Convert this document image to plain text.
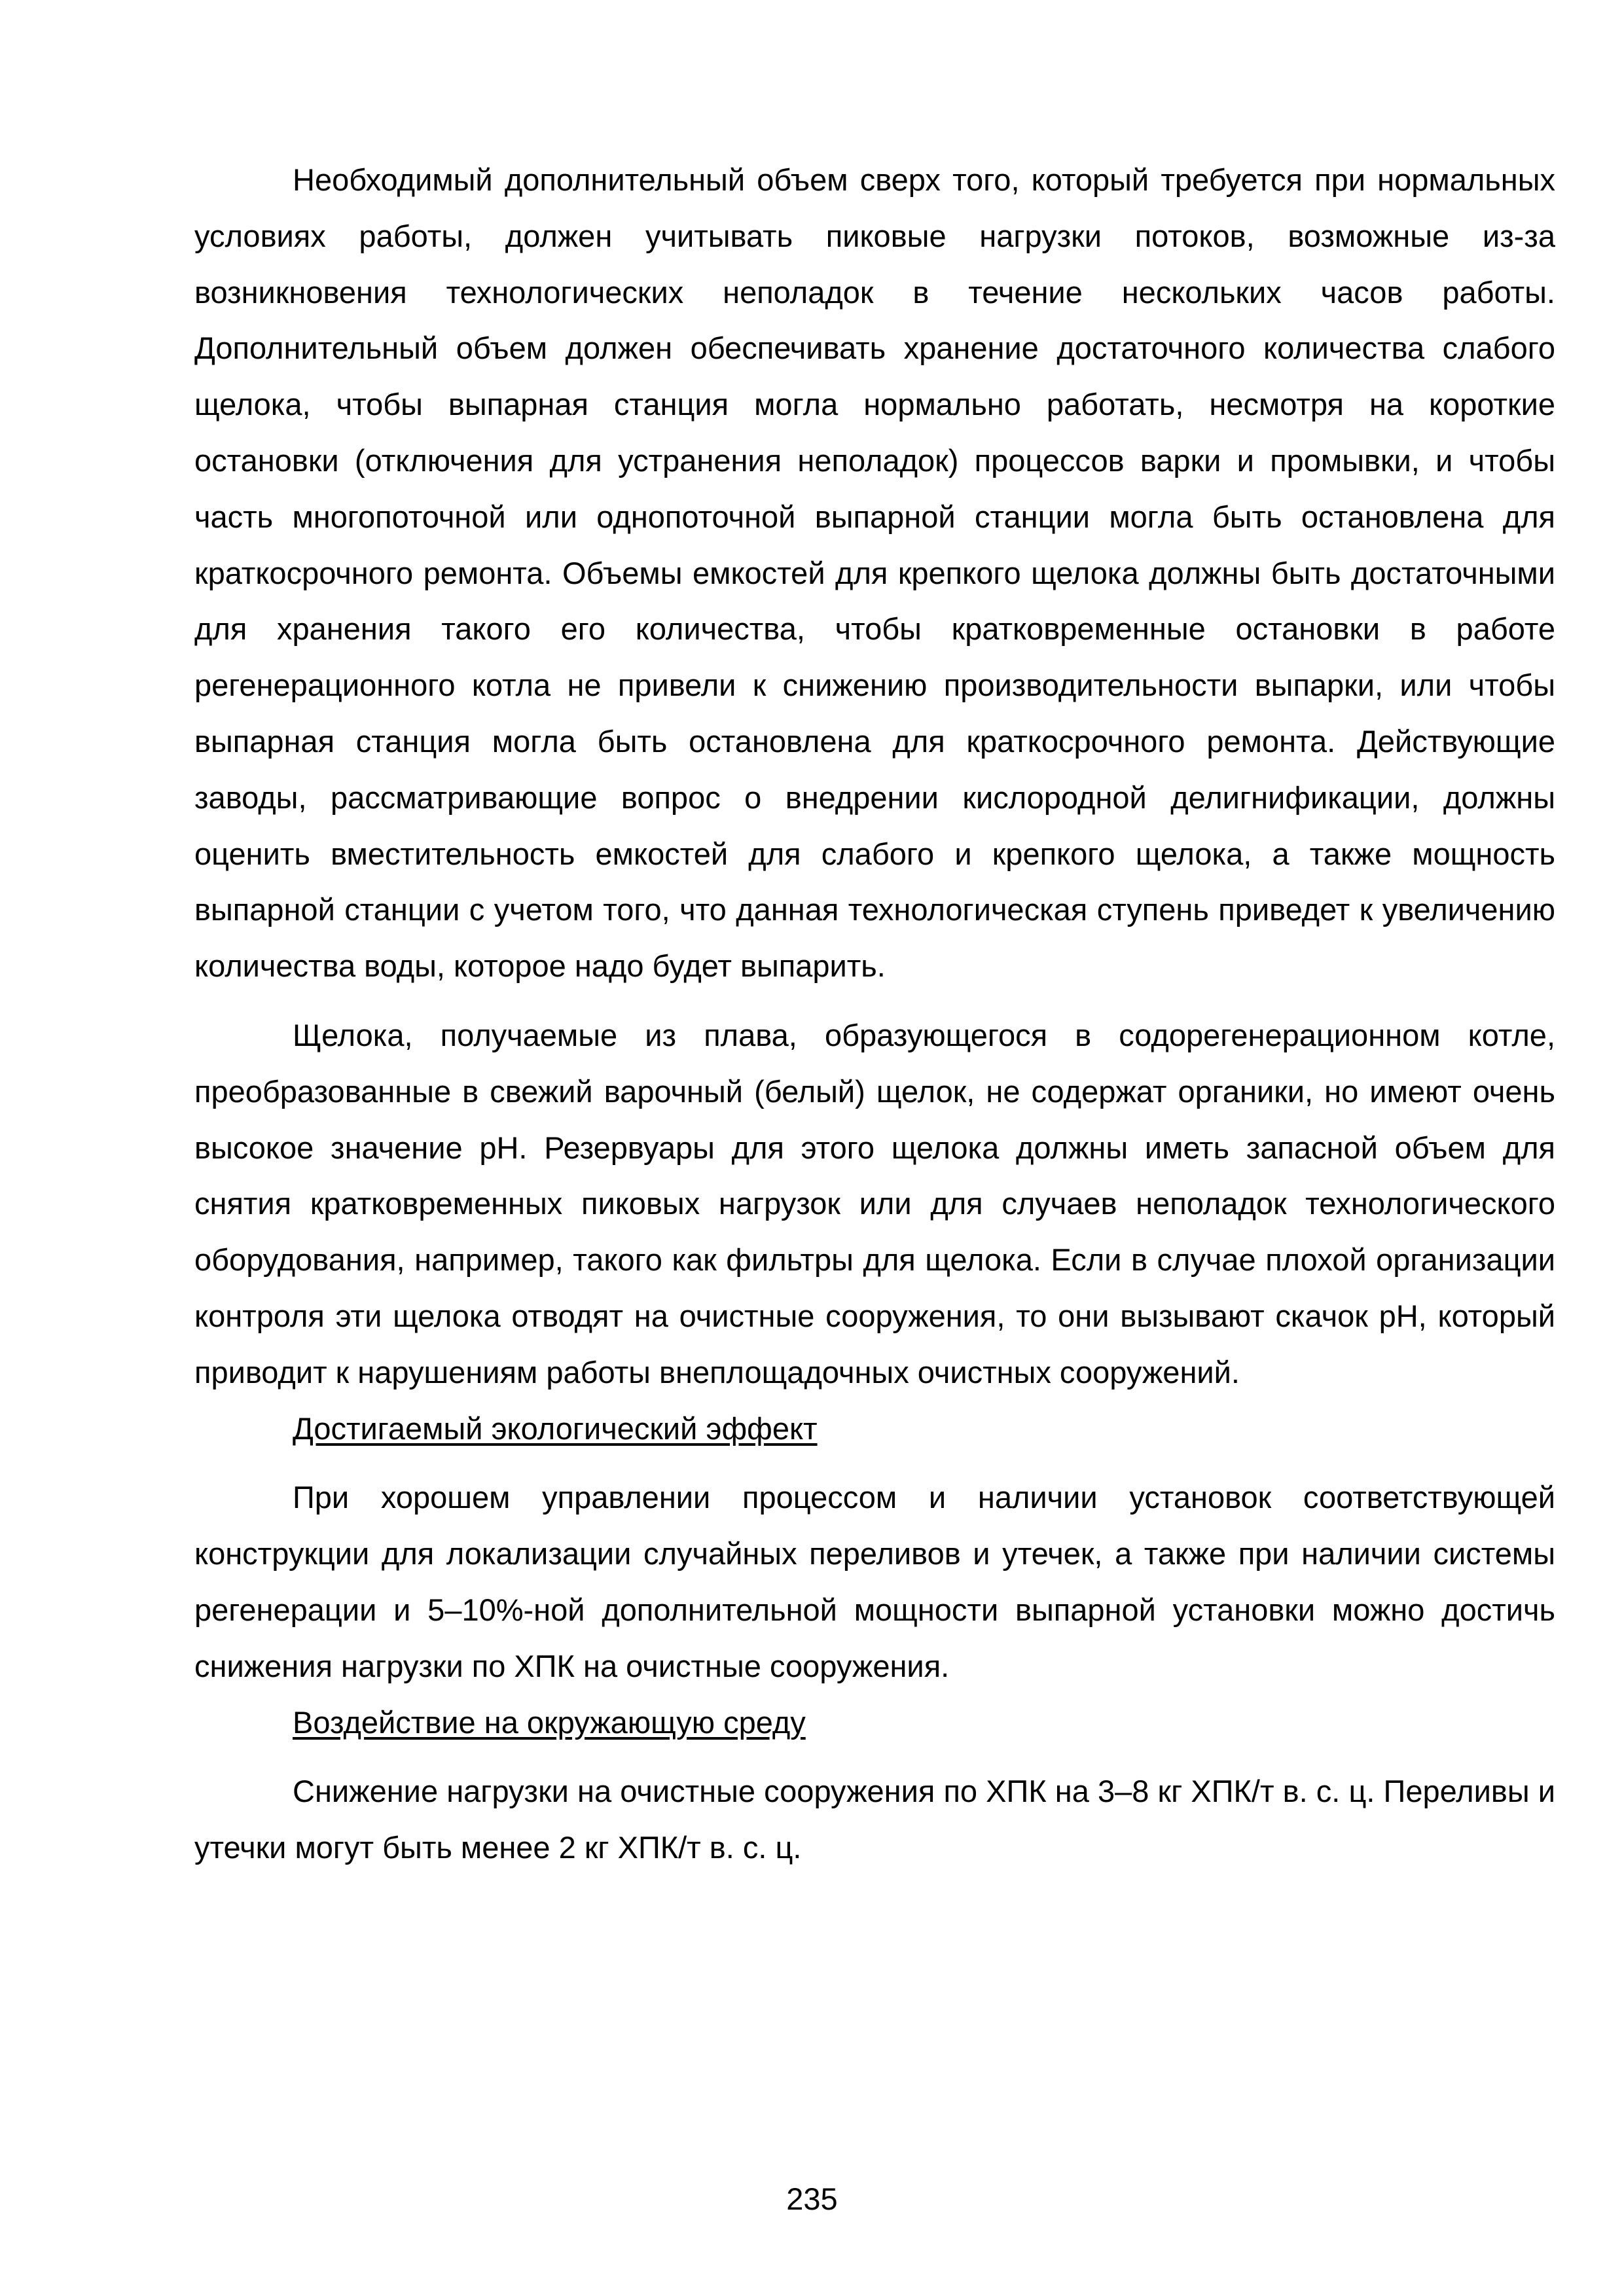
Необходимый дополнительный объем сверх того, который требуется при нормальных условиях работы, должен учитывать пиковые нагрузки потоков, возможные из-за возникновения технологических неполадок в течение нескольких часов работы. Дополнительный объем должен обеспечивать хранение достаточного количества слабого щелока, чтобы выпарная станция могла нормально работать, несмотря на короткие остановки (отключения для устранения неполадок) процессов варки и промывки, и чтобы часть многопоточной или однопоточной выпарной станции могла быть остановлена для краткосрочного ремонта. Объемы емкостей для крепкого щелока должны быть достаточными для хранения такого его количества, чтобы кратковременные остановки в работе регенерационного котла не привели к снижению производительности выпарки, или чтобы выпарная станция могла быть остановлена для краткосрочного ремонта. Действующие заводы, рассматривающие вопрос о внедрении кислородной делигнификации, должны оценить вместительность емкостей для слабого и крепкого щелока, а также мощность выпарной станции с учетом того, что данная технологическая ступень приведет к увеличению количества воды, которое надо будет выпарить.

Щелока, получаемые из плава, образующегося в содорегенерационном котле, преобразованные в свежий варочный (белый) щелок, не содержат органики, но имеют очень высокое значение pH. Резервуары для этого щелока должны иметь запасной объем для снятия кратковременных пиковых нагрузок или для случаев неполадок технологического оборудования, например, такого как фильтры для щелока. Если в случае плохой организации контроля эти щелока отводят на очистные сооружения, то они вызывают скачок pH, который приводит к нарушениям работы внеплощадочных очистных сооружений.

Достигаемый экологический эффект

При хорошем управлении процессом и наличии установок соответствующей конструкции для локализации случайных переливов и утечек, а также при наличии системы регенерации и 5–10%-ной дополнительной мощности выпарной установки можно достичь снижения нагрузки по ХПК на очистные сооружения.

Воздействие на окружающую среду

Снижение нагрузки на очистные сооружения по ХПК на 3–8 кг ХПК/т в. с. ц. Переливы и утечки могут быть менее 2 кг ХПК/т в. с. ц.

235
